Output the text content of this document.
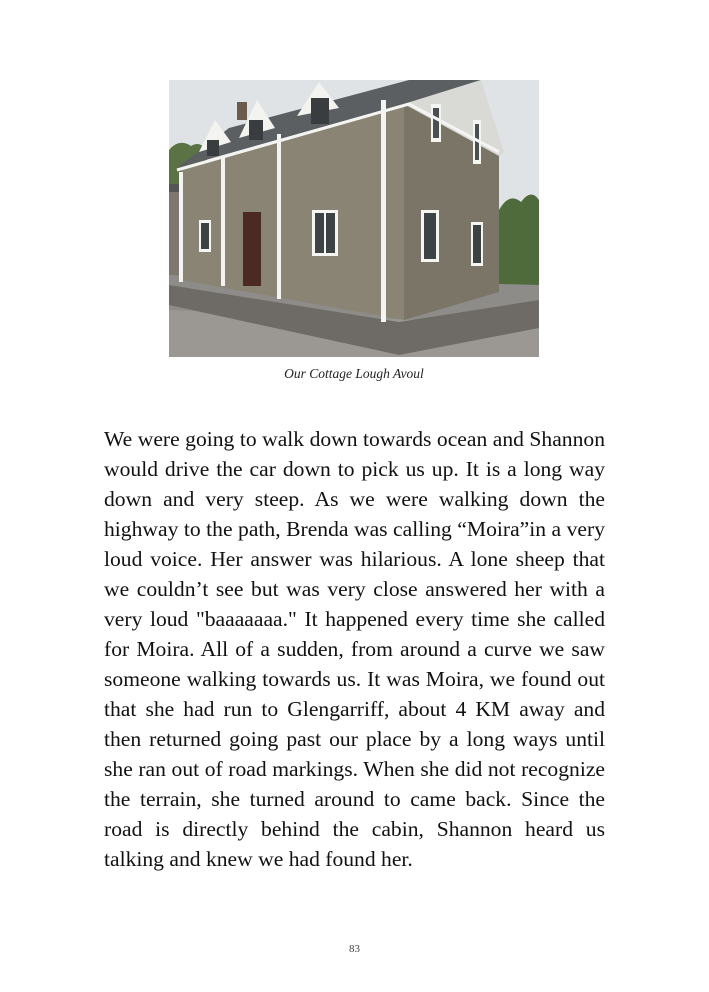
Our Cottage Lough Avoul
We were going to walk down towards ocean and Shannon would drive the car down to pick us up. It is a long way down and very steep. As we were walking down the highway to the path, Brenda was calling “Moira”in a very loud voice. Her answer was hilarious. A lone sheep that we couldn’t see but was very close answered her with a very loud "baaaaaaa." It happened every time she called for Moira. All of a sudden, from around a curve we saw someone walking towards us. It was Moira, we found out that she had run to Glengarriff, about 4 KM away and then returned going past our place by a long ways until she ran out of road markings. When she did not recognize the terrain, she turned around to came back. Since the road is directly behind the cabin, Shannon heard us talking and knew we had found her.
83
